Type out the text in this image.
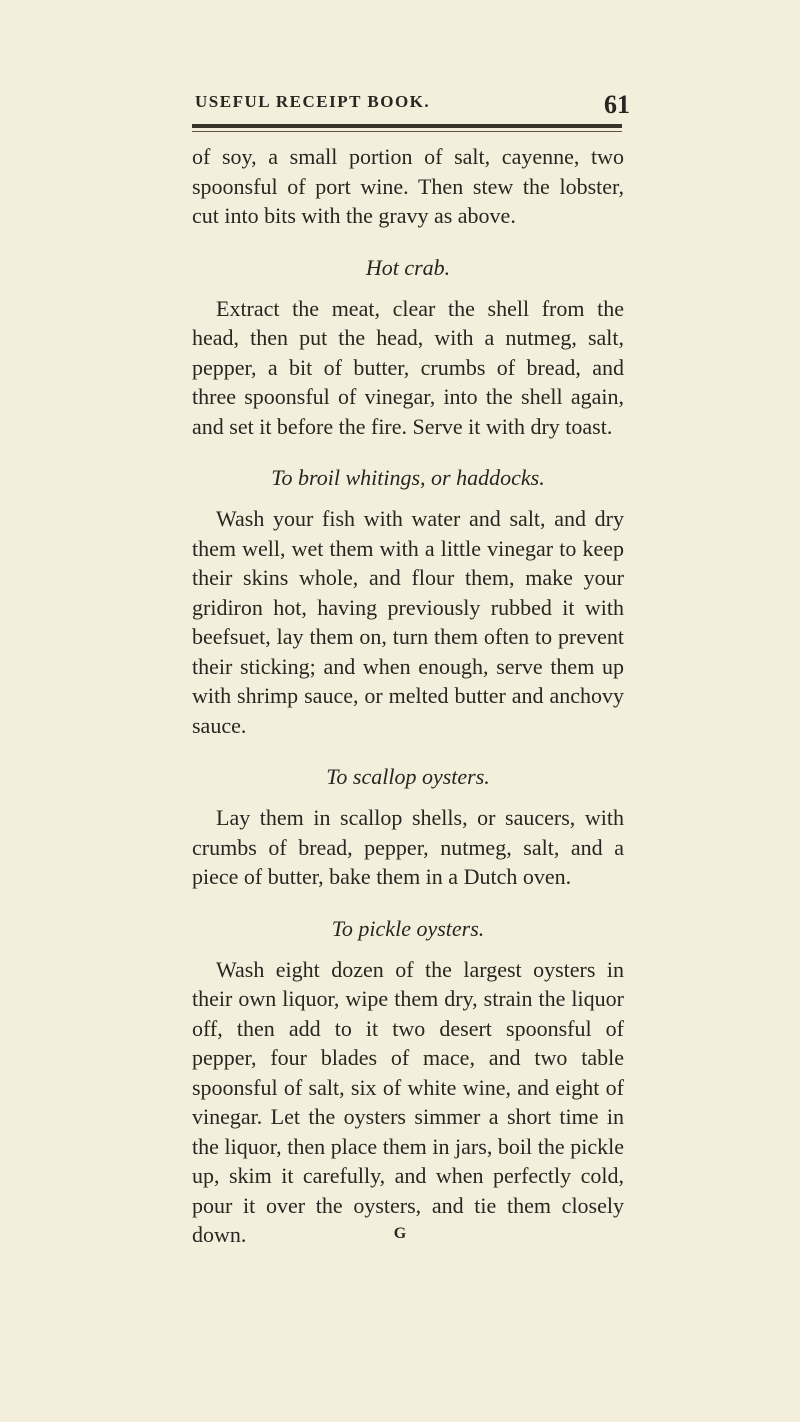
USEFUL RECEIPT BOOK.	61

of soy, a small portion of salt, cayenne, two spoonsful of port wine. Then stew the lobster, cut into bits with the gravy as above.

Hot crab.

Extract the meat, clear the shell from the head, then put the head, with a nutmeg, salt, pepper, a bit of butter, crumbs of bread, and three spoonsful of vinegar, into the shell again, and set it before the fire. Serve it with dry toast.

To broil whitings, or haddocks.

Wash your fish with water and salt, and dry them well, wet them with a little vinegar to keep their skins whole, and flour them, make your gridiron hot, having previously rubbed it with beefsuet, lay them on, turn them often to prevent their sticking; and when enough, serve them up with shrimp sauce, or melted butter and anchovy sauce.

To scallop oysters.

Lay them in scallop shells, or saucers, with crumbs of bread, pepper, nutmeg, salt, and a piece of butter, bake them in a Dutch oven.

To pickle oysters.

Wash eight dozen of the largest oysters in their own liquor, wipe them dry, strain the liquor off, then add to it two desert spoonsful of pepper, four blades of mace, and two table spoonsful of salt, six of white wine, and eight of vinegar. Let the oysters simmer a short time in the liquor, then place them in jars, boil the pickle up, skim it carefully, and when perfectly cold, pour it over the oysters, and tie them closely down.	G
